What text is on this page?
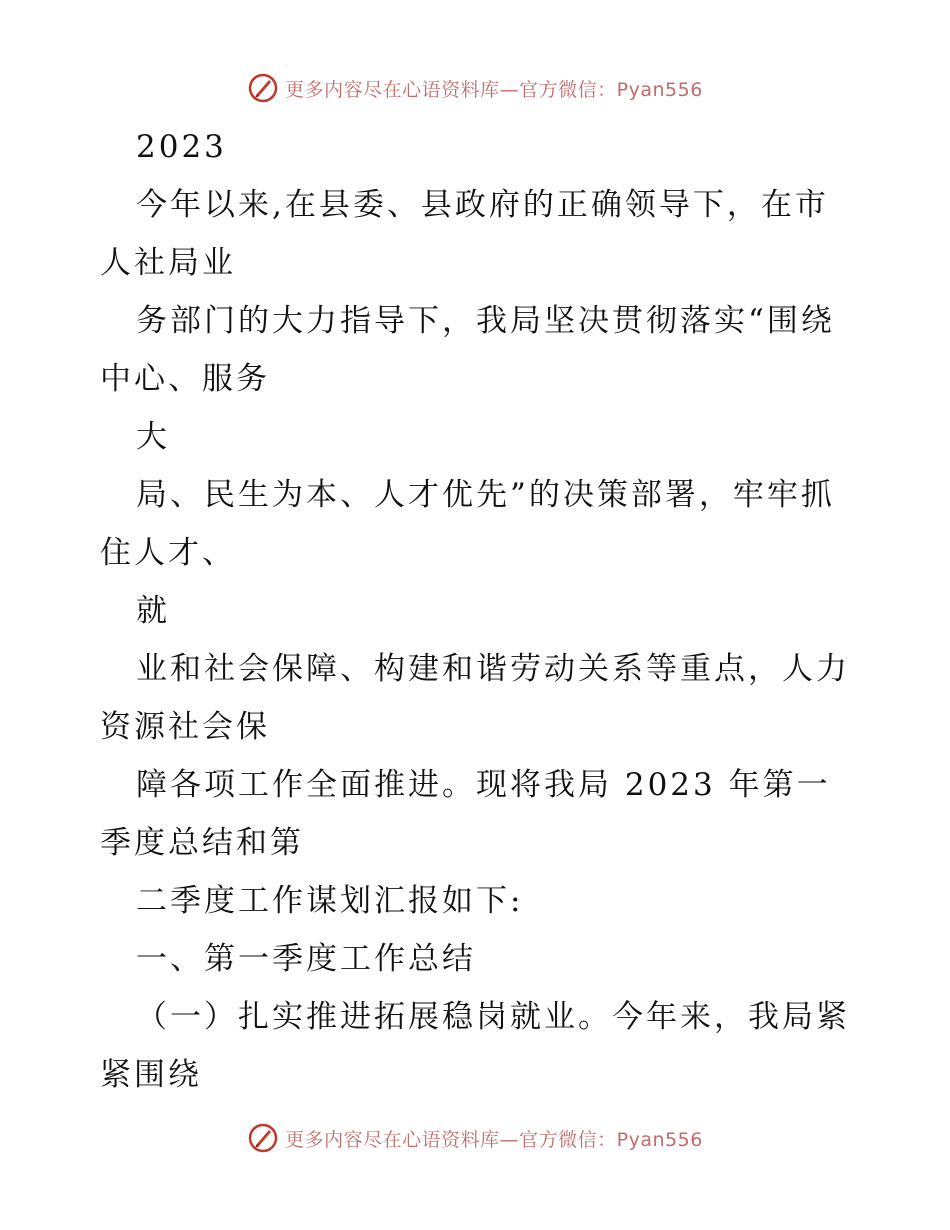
更多内容尽在心语资料库—官方微信：Pyan556
2023
今年以来,在县委、县政府的正确领导下，在市
人社局业
务部门的大力指导下，我局坚决贯彻落实“围绕
中心、服务
大
局、民生为本、人才优先”的决策部署，牢牢抓
住人才、
就
业和社会保障、构建和谐劳动关系等重点，人力
资源社会保
障各项工作全面推进。现将我局 2023 年第一
季度总结和第
二季度工作谋划汇报如下:
一、第一季度工作总结
（一）扎实推进拓展稳岗就业。今年来，我局紧
紧围绕
更多内容尽在心语资料库—官方微信：Pyan556
